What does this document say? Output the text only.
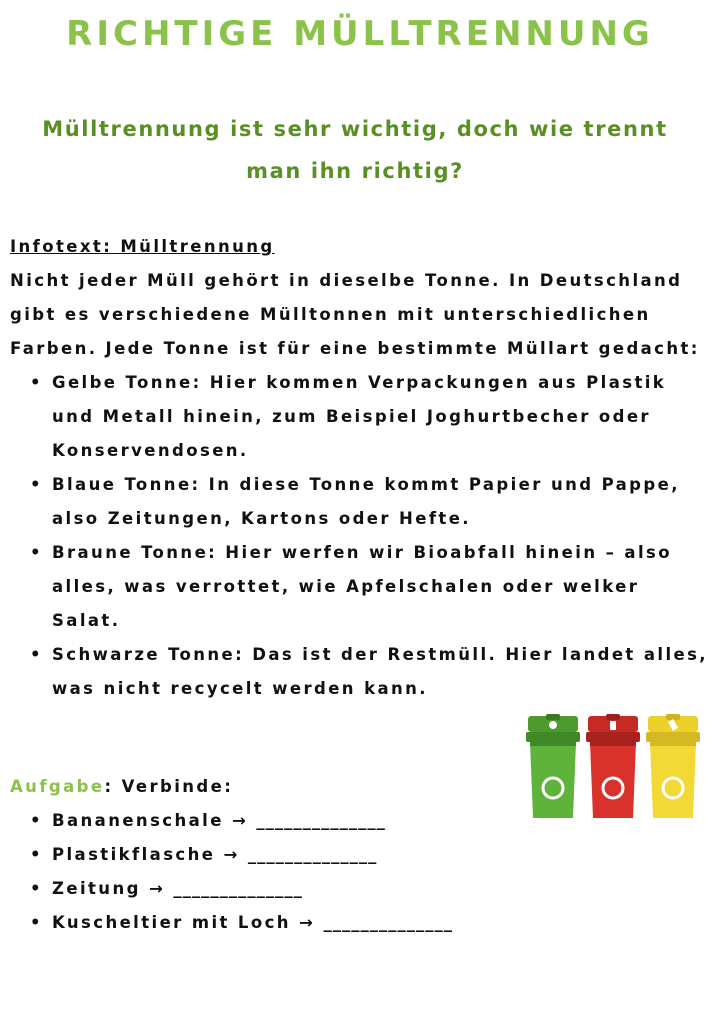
RICHTIGE MÜLLTRENNUNG
Mülltrennung ist sehr wichtig, doch wie trennt man ihn richtig?
Infotext: Mülltrennung

Nicht jeder Müll gehört in dieselbe Tonne. In Deutschland gibt es verschiedene Mülltonnen mit unterschiedlichen Farben. Jede Tonne ist für eine bestimmte Müllart gedacht:

• Gelbe Tonne: Hier kommen Verpackungen aus Plastik und Metall hinein, zum Beispiel Joghurtbecher oder Konservendosen.
• Blaue Tonne: In diese Tonne kommt Papier und Pappe, also Zeitungen, Kartons oder Hefte.
• Braune Tonne: Hier werfen wir Bioabfall hinein – also alles, was verrottet, wie Apfelschalen oder welker Salat.
• Schwarze Tonne: Das ist der Restmüll. Hier landet alles, was nicht recycelt werden kann.
Aufgabe: Verbinde:
• Bananenschale → ______________
• Plastikflasche → ______________
• Zeitung → ______________
• Kuscheltier mit Loch → ______________
